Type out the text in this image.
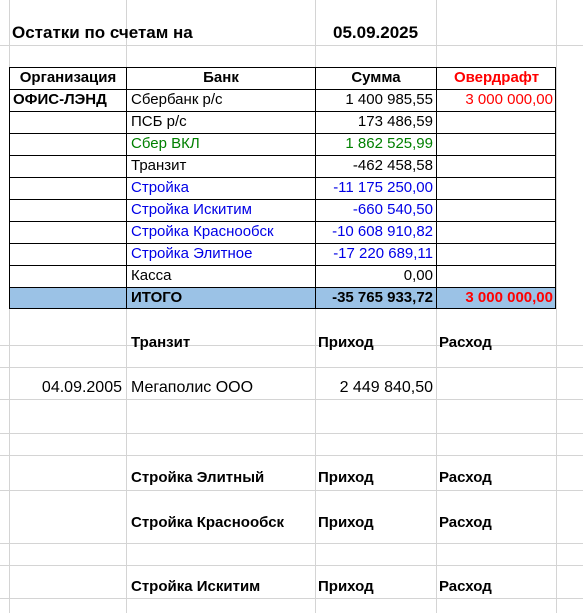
Остатки по счетам на	05.09.2025
Организация	Банк	Сумма	Овердрафт
ОФИС-ЛЭНД Сбербанк р/с	1 400 985,55	3 000 000,00
ПСБ р/с	173 486,59
Сбер ВКЛ	1 862 525,99
Транзит	-462 458,58
Стройка	-11 175 250,00
Стройка Искитим	-660 540,50
Стройка Краснообск	-10 608 910,82
Стройка Элитное	-17 220 689,11
Касса	0,00
ИТОГО	-35 765 933,72	3 000 000,00
Транзит	Приход	Расход
04.09.2005 Мегаполис ООО	2 449 840,50
Стройка Элитный	Приход	Расход
Стройка Краснообск Приход	Расход
Стройка Искитим	Приход	Расход
